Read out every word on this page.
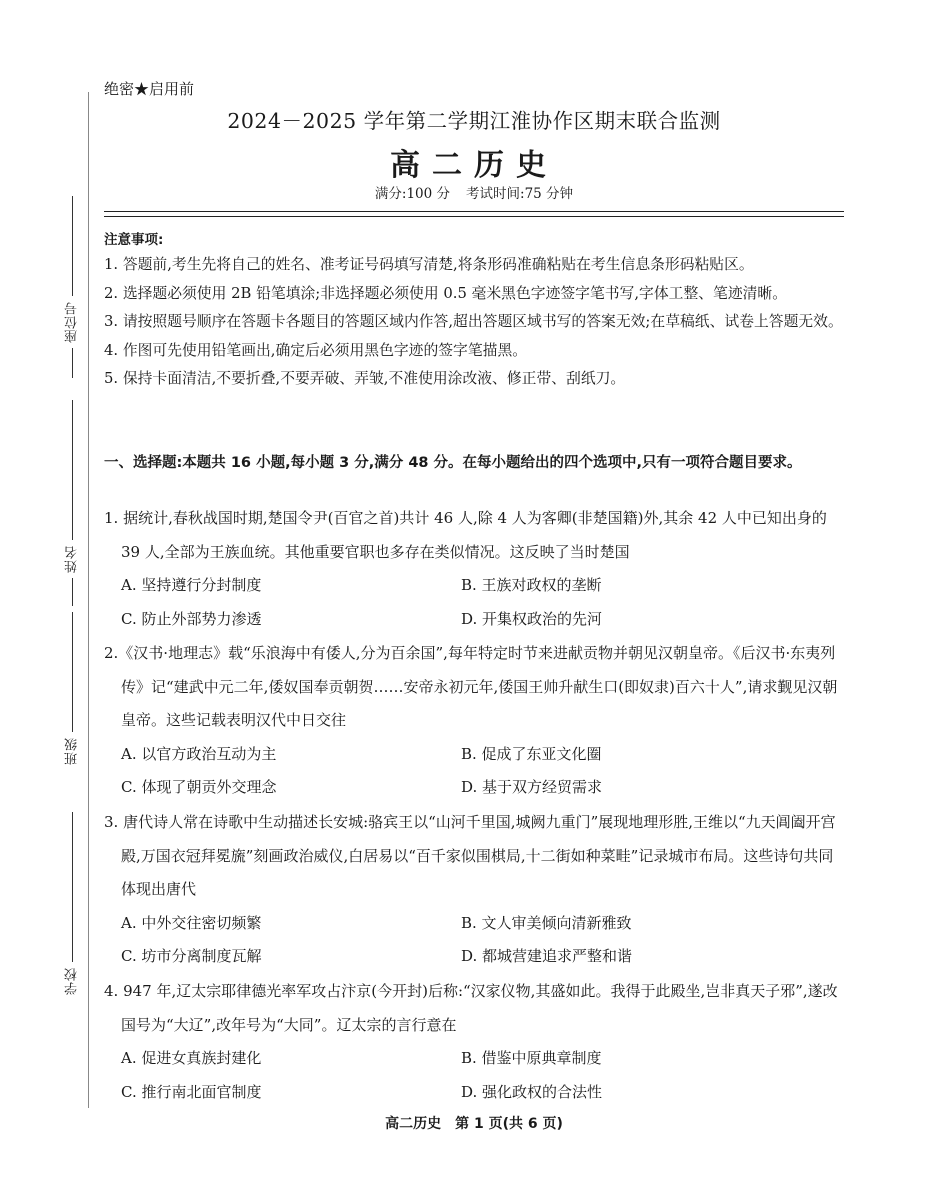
座位号
姓名
班级
学校
绝密★启用前
2024－2025 学年第二学期江淮协作区期末联合监测
高二历史
满分:100 分 考试时间:75 分钟
注意事项:
1. 答题前,考生先将自己的姓名、准考证号码填写清楚,将条形码准确粘贴在考生信息条形码粘贴区。
2. 选择题必须使用 2B 铅笔填涂;非选择题必须使用 0.5 毫米黑色字迹签字笔书写,字体工整、笔迹清晰。
3. 请按照题号顺序在答题卡各题目的答题区域内作答,超出答题区域书写的答案无效;在草稿纸、试卷上答题无效。
4. 作图可先使用铅笔画出,确定后必须用黑色字迹的签字笔描黑。
5. 保持卡面清洁,不要折叠,不要弄破、弄皱,不准使用涂改液、修正带、刮纸刀。
一、选择题:本题共 16 小题,每小题 3 分,满分 48 分。在每小题给出的四个选项中,只有一项符合题目要求。
1. 据统计,春秋战国时期,楚国令尹(百官之首)共计 46 人,除 4 人为客卿(非楚国籍)外,其余 42 人中已知出身的 39 人,全部为王族血统。其他重要官职也多存在类似情况。这反映了当时楚国
A. 坚持遵行分封制度	B. 王族对政权的垄断
C. 防止外部势力渗透	D. 开集权政治的先河
2.《汉书·地理志》载“乐浪海中有倭人,分为百余国”,每年特定时节来进献贡物并朝见汉朝皇帝。《后汉书·东夷列传》记“建武中元二年,倭奴国奉贡朝贺……安帝永初元年,倭国王帅升献生口(即奴隶)百六十人”,请求觐见汉朝皇帝。这些记载表明汉代中日交往
A. 以官方政治互动为主	B. 促成了东亚文化圈
C. 体现了朝贡外交理念	D. 基于双方经贸需求
3. 唐代诗人常在诗歌中生动描述长安城:骆宾王以“山河千里国,城阙九重门”展现地理形胜,王维以“九天阊阖开宫殿,万国衣冠拜冕旒”刻画政治威仪,白居易以“百千家似围棋局,十二街如种菜畦”记录城市布局。这些诗句共同体现出唐代
A. 中外交往密切频繁	B. 文人审美倾向清新雅致
C. 坊市分离制度瓦解	D. 都城营建追求严整和谐
4. 947 年,辽太宗耶律德光率军攻占汴京(今开封)后称:“汉家仪物,其盛如此。我得于此殿坐,岂非真天子邪”,遂改国号为“大辽”,改年号为“大同”。辽太宗的言行意在
A. 促进女真族封建化	B. 借鉴中原典章制度
C. 推行南北面官制度	D. 强化政权的合法性
高二历史 第 1 页(共 6 页)
